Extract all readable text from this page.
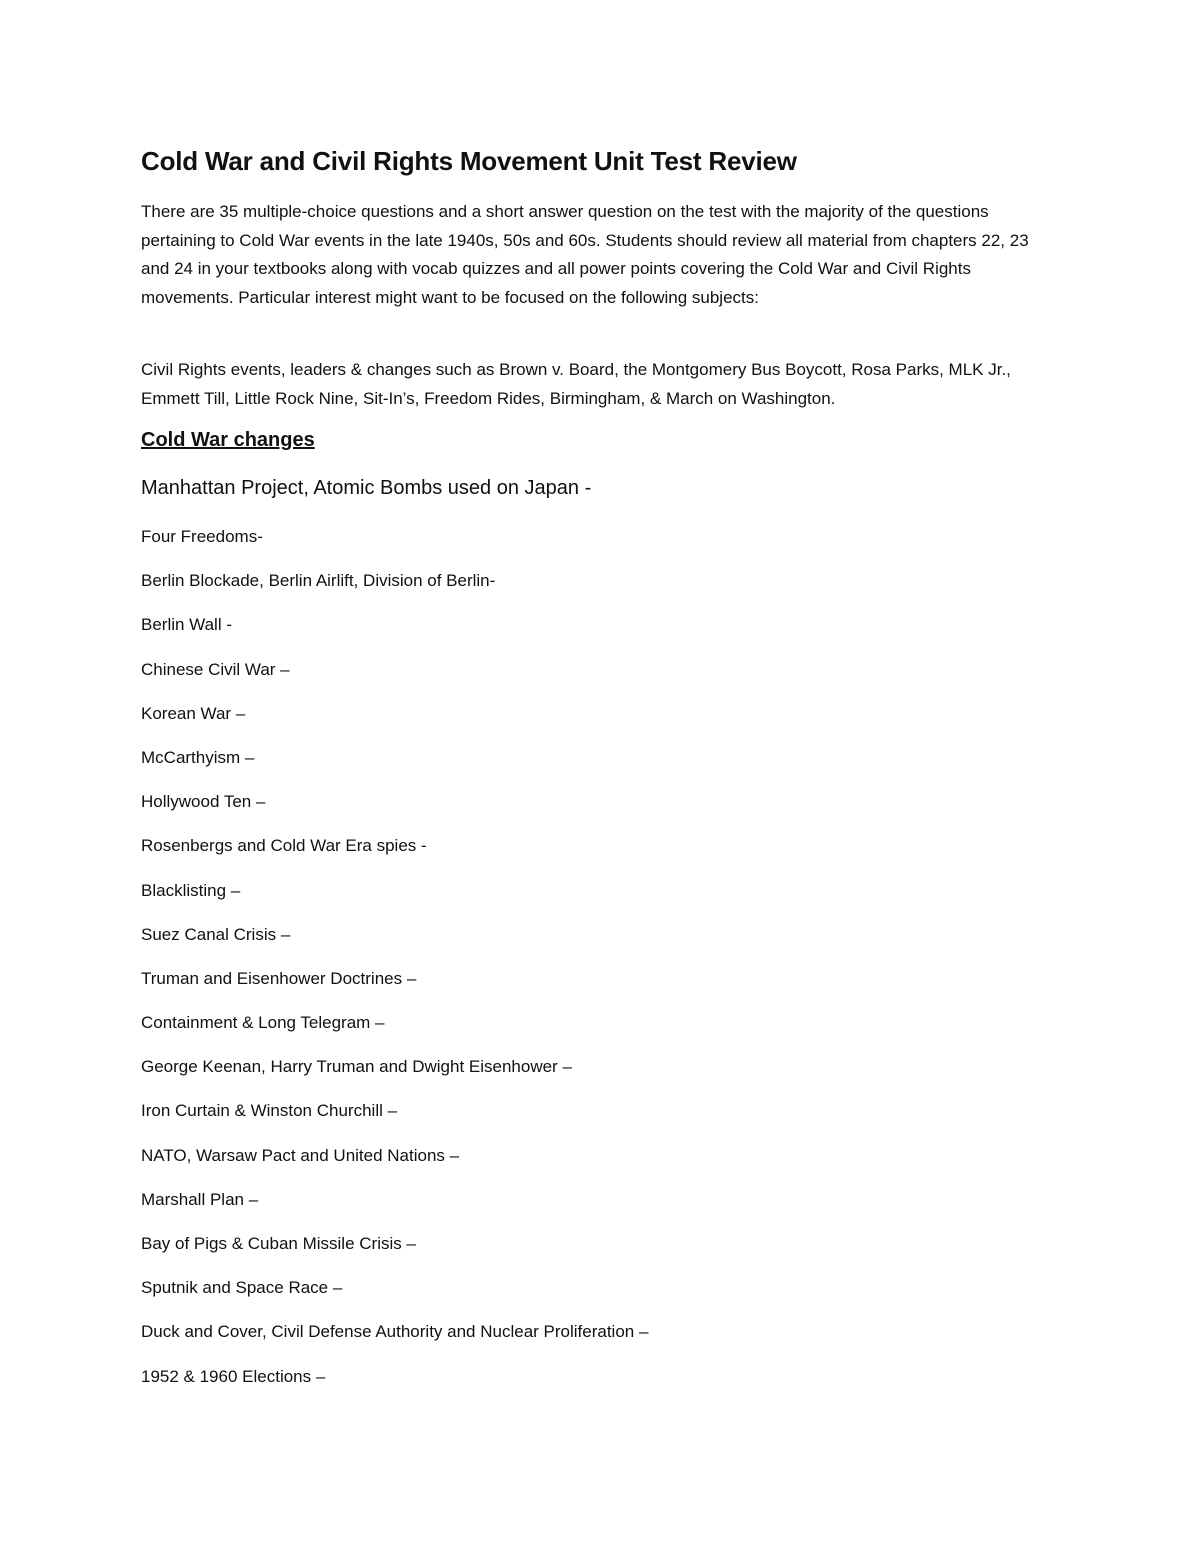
Cold War and Civil Rights Movement Unit Test Review

There are 35 multiple-choice questions and a short answer question on the test with the majority of the questions pertaining to Cold War events in the late 1940s, 50s and 60s. Students should review all material from chapters 22, 23 and 24 in your textbooks along with vocab quizzes and all power points covering the Cold War and Civil Rights movements. Particular interest might want to be focused on the following subjects:

Civil Rights events, leaders & changes such as Brown v. Board, the Montgomery Bus Boycott, Rosa Parks, MLK Jr., Emmett Till, Little Rock Nine, Sit-In’s, Freedom Rides, Birmingham, & March on Washington.

Cold War changes

Manhattan Project, Atomic Bombs used on Japan -

Four Freedoms-
Berlin Blockade, Berlin Airlift, Division of Berlin-
Berlin Wall -
Chinese Civil War –
Korean War –
McCarthyism –
Hollywood Ten –
Rosenbergs and Cold War Era spies -
Blacklisting –
Suez Canal Crisis –
Truman and Eisenhower Doctrines –
Containment & Long Telegram –
George Keenan, Harry Truman and Dwight Eisenhower –
Iron Curtain & Winston Churchill –
NATO, Warsaw Pact and United Nations –
Marshall Plan –
Bay of Pigs & Cuban Missile Crisis –
Sputnik and Space Race –
Duck and Cover, Civil Defense Authority and Nuclear Proliferation –
1952 & 1960 Elections –
